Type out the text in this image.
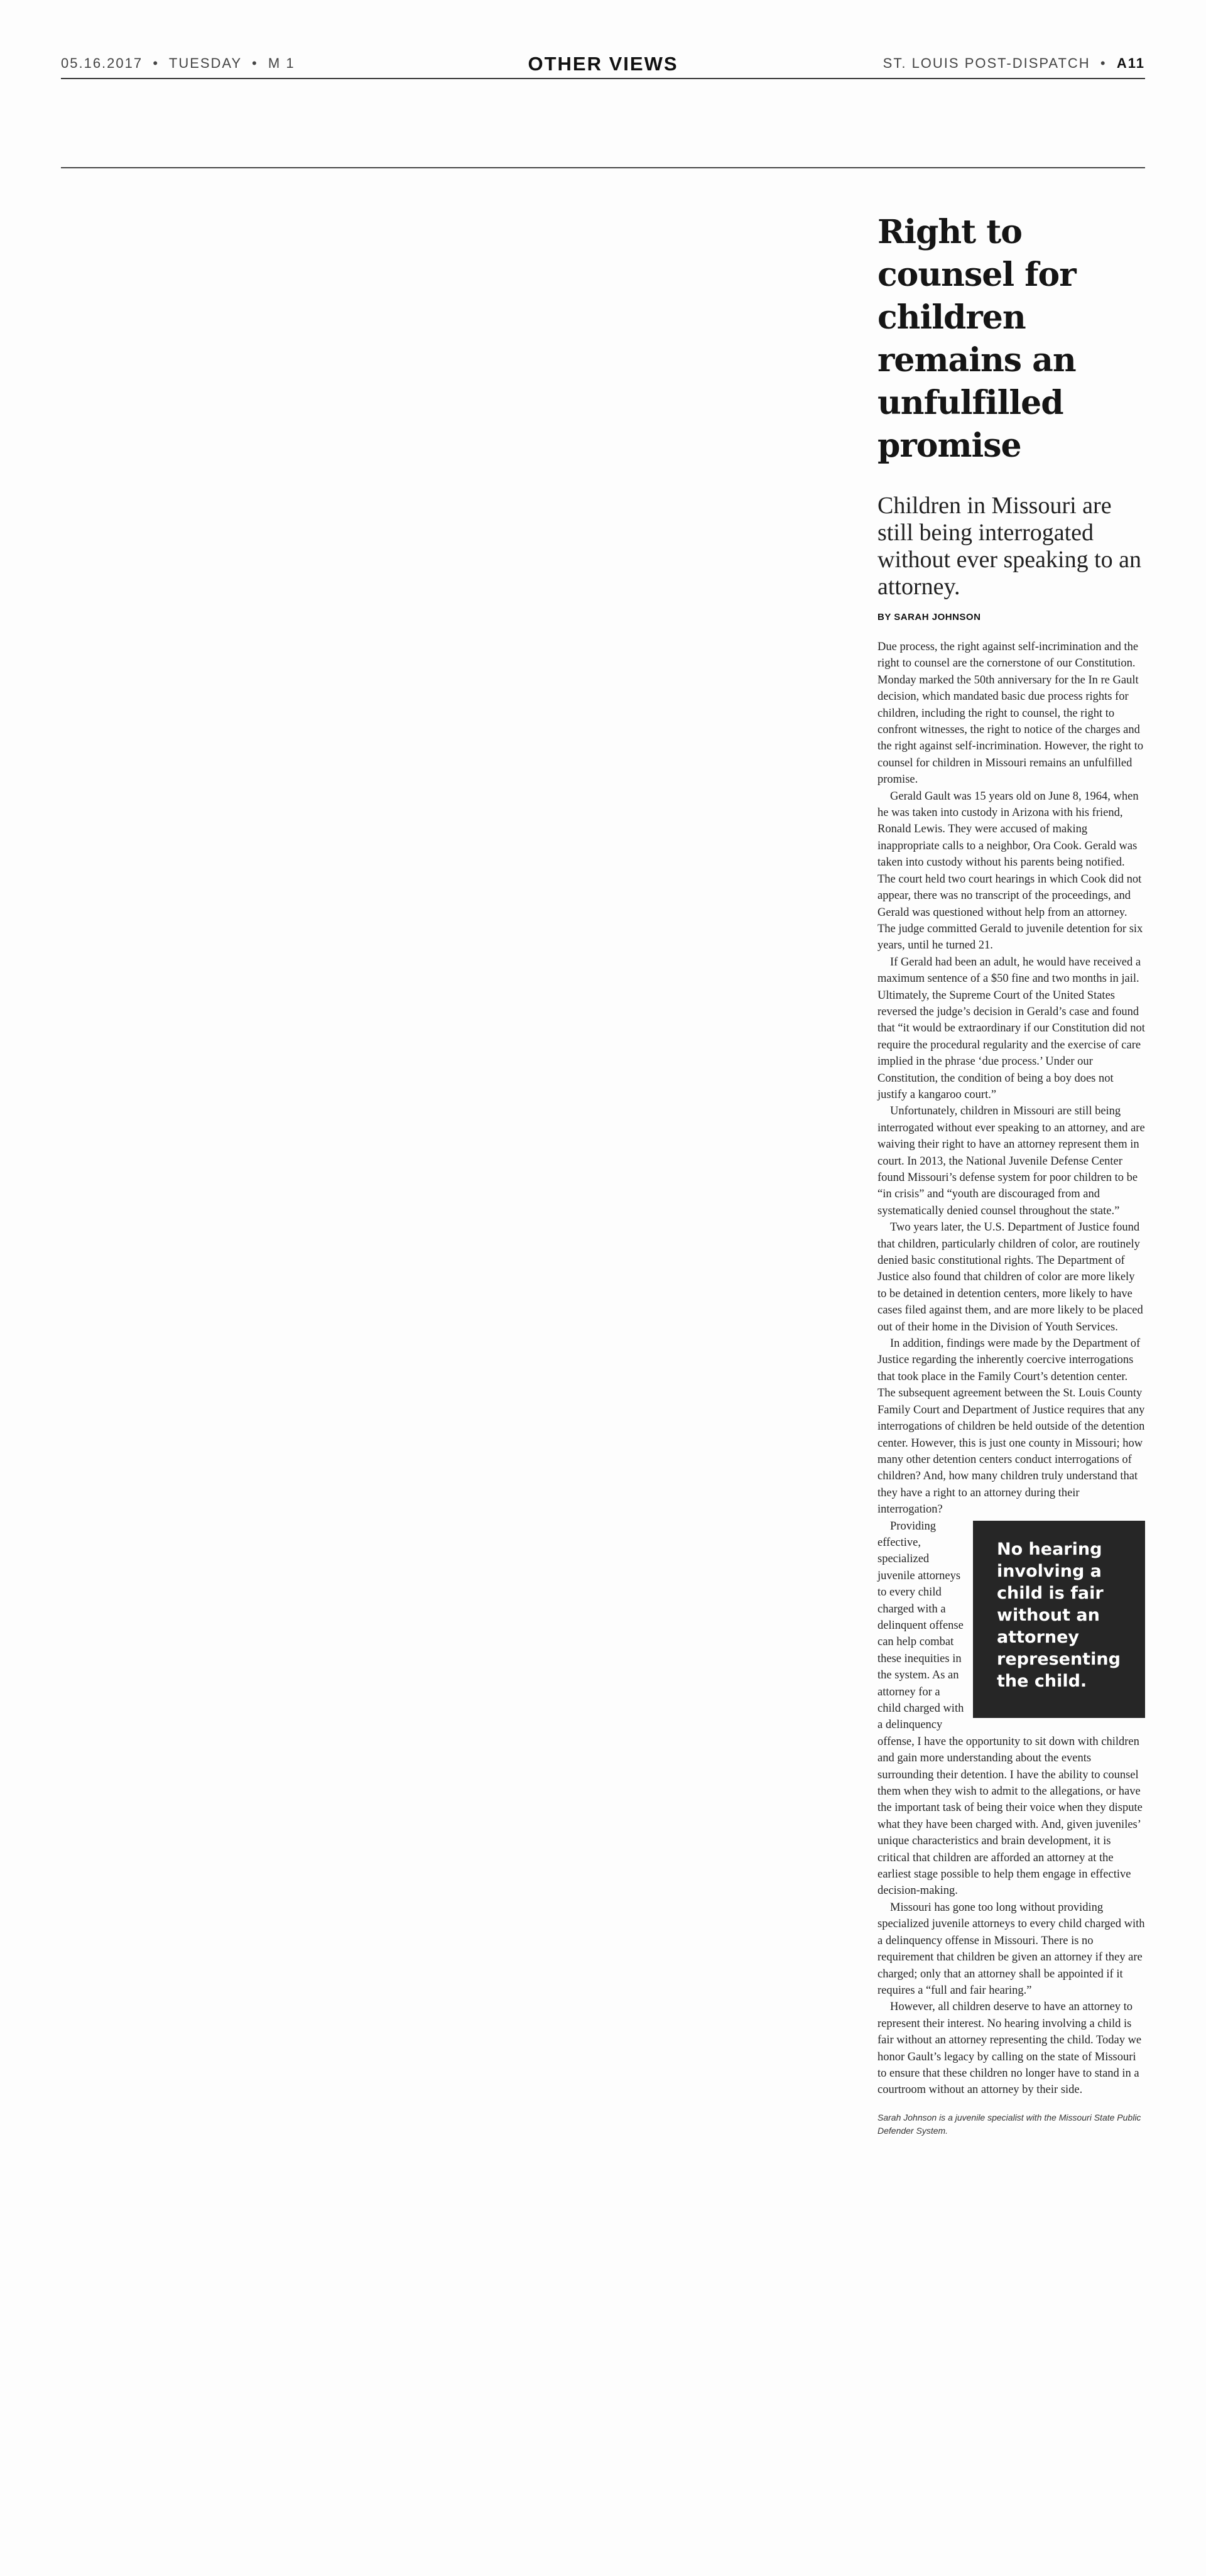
05.16.2017  •  TUESDAY  •  M 1	OTHER VIEWS	ST. LOUIS POST-DISPATCH  •  A11
Right to counsel for children remains an unfulfilled promise

Children in Missouri are still being interrogated without ever speaking to an attorney.

BY SARAH JOHNSON

Due process, the right against self-incrimination and the right to counsel are the cornerstone of our Constitution. Monday marked the 50th anniversary for the In re Gault decision, which mandated basic due process rights for children, including the right to counsel, the right to confront witnesses, the right to notice of the charges and the right against self-incrimination. However, the right to counsel for children in Missouri remains an unfulfilled promise.

Gerald Gault was 15 years old on June 8, 1964, when he was taken into custody in Arizona with his friend, Ronald Lewis. They were accused of making inappropriate calls to a neighbor, Ora Cook. Gerald was taken into custody without his parents being notified. The court held two court hearings in which Cook did not appear, there was no transcript of the proceedings, and Gerald was questioned without help from an attorney. The judge committed Gerald to juvenile detention for six years, until he turned 21.

If Gerald had been an adult, he would have received a maximum sentence of a $50 fine and two months in jail. Ultimately, the Supreme Court of the United States reversed the judge’s decision in Gerald’s case and found that “it would be extraordinary if our Constitution did not require the procedural regularity and the exercise of care implied in the phrase ‘due process.’ Under our Constitution, the condition of being a boy does not justify a kangaroo court.”

Unfortunately, children in Missouri are still being interrogated without ever speaking to an attorney, and are waiving their right to have an attorney represent them in court. In 2013, the National Juvenile Defense Center found Missouri’s defense system for poor children to be “in crisis” and “youth are discouraged from and systematically denied counsel throughout the state.”

Two years later, the U.S. Department of Justice found that children, particularly children of color, are routinely denied basic constitutional rights. The Department of Justice also found that children of color are more likely to be detained in detention centers, more likely to have cases filed against them, and are more likely to be placed out of their home in the Division of Youth Services.

In addition, findings were made by the Department of Justice regarding the inherently coercive interrogations that took place in the Family Court’s detention center. The subsequent agreement between the St. Louis County Family Court and Department of Justice requires that any interrogations of children be held outside of the detention center. However, this is just one county in Missouri; how many other detention centers conduct interrogations of children? And, how many children truly understand that they have a right to an attorney during their interrogation?

No hearing involving a child is fair without an attorney representing the child.

Providing effective, specialized juvenile attorneys to every child charged with a delinquent offense can help combat these inequities in the system. As an attorney for a child charged with a delinquency offense, I have the opportunity to sit down with children and gain more understanding about the events surrounding their detention. I have the ability to counsel them when they wish to admit to the allegations, or have the important task of being their voice when they dispute what they have been charged with. And, given juveniles’ unique characteristics and brain development, it is critical that children are afforded an attorney at the earliest stage possible to help them engage in effective decision-making.

Missouri has gone too long without providing specialized juvenile attorneys to every child charged with a delinquency offense in Missouri. There is no requirement that children be given an attorney if they are charged; only that an attorney shall be appointed if it requires a “full and fair hearing.”

However, all children deserve to have an attorney to represent their interest. No hearing involving a child is fair without an attorney representing the child. Today we honor Gault’s legacy by calling on the state of Missouri to ensure that these children no longer have to stand in a courtroom without an attorney by their side.

Sarah Johnson is a juvenile specialist with the Missouri State Public Defender System.
